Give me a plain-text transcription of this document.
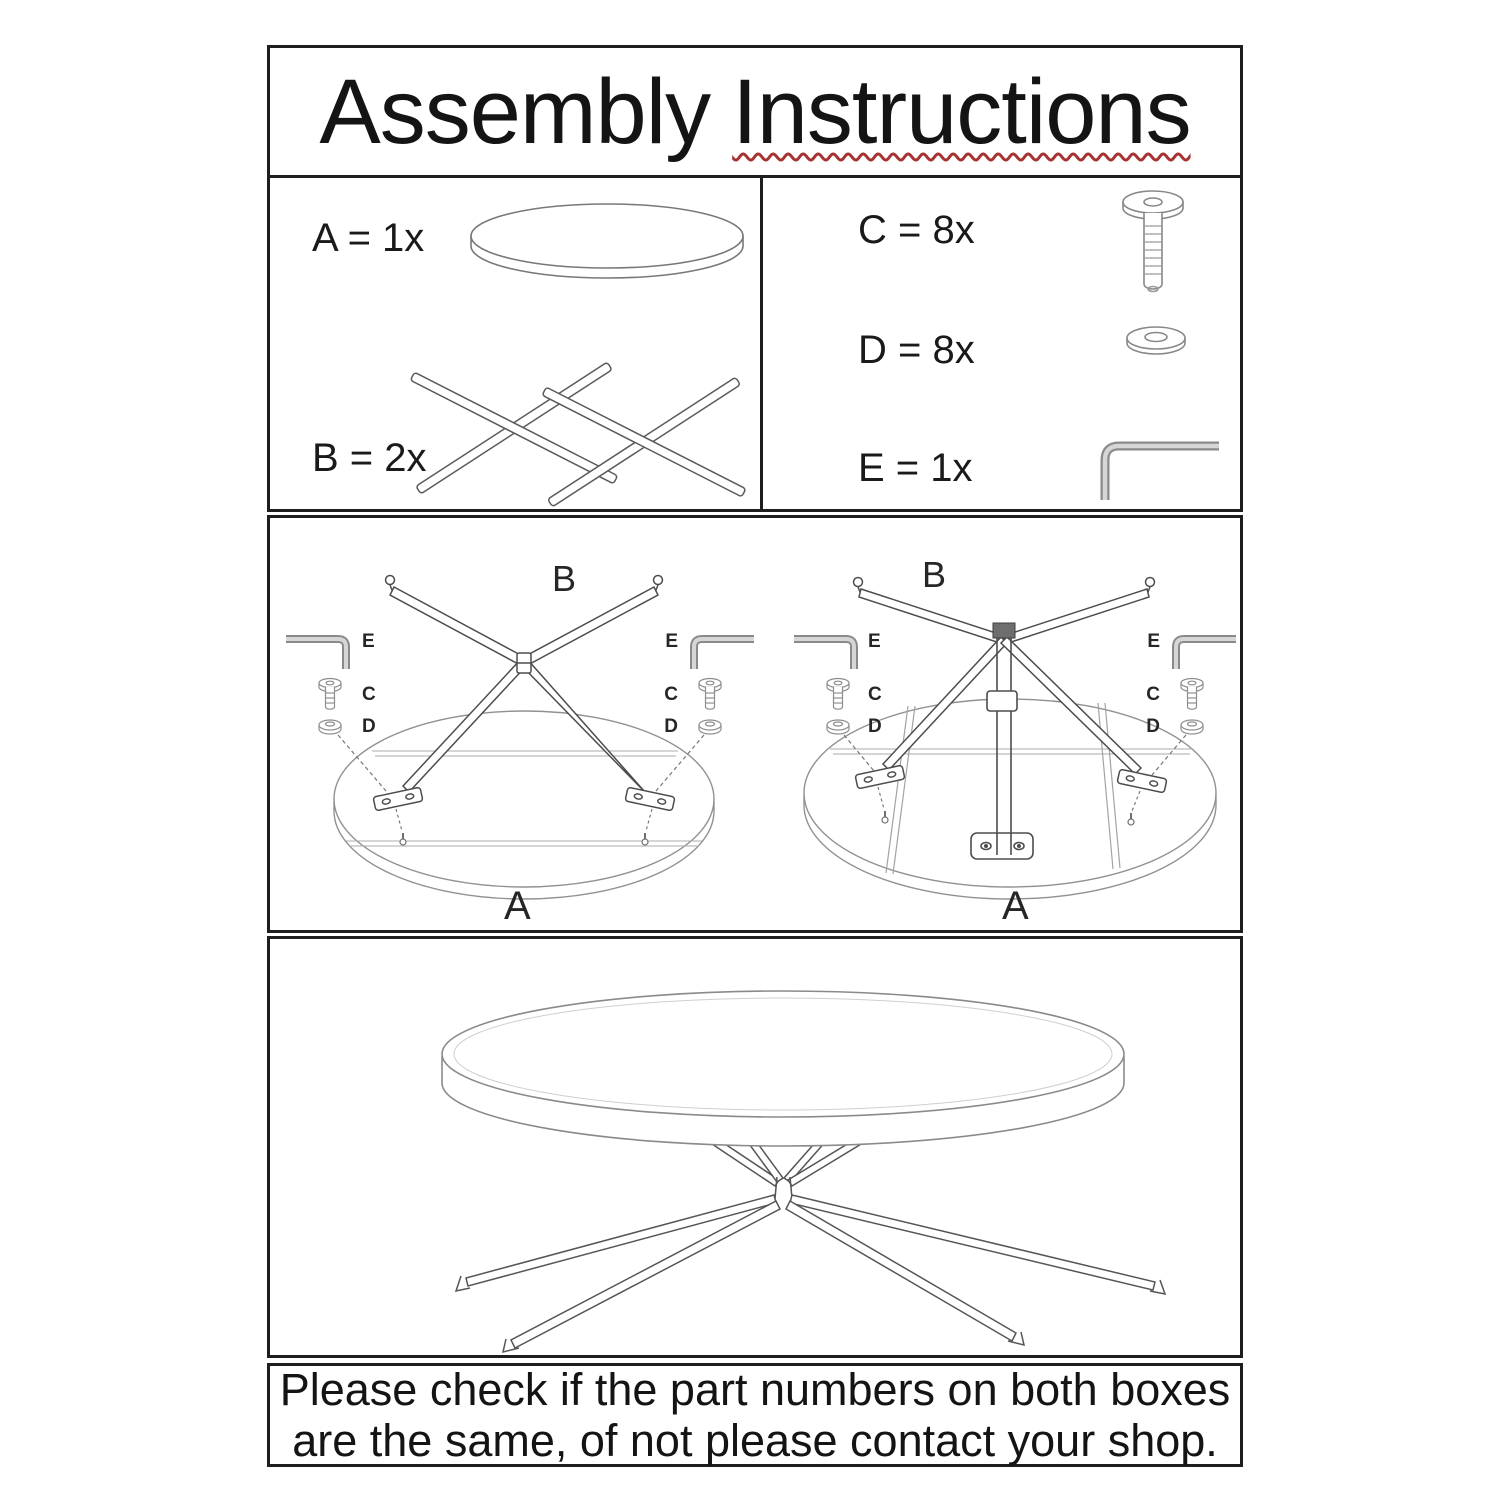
Assembly Instructions
A = 1x
B = 2x
C = 8x
D = 8x
E = 1x
E
C
D
E
C
D
B
A
E
C
D
E
C
D
B
A
Please check if the part numbers on both boxes
are the same, of not please contact your shop.
